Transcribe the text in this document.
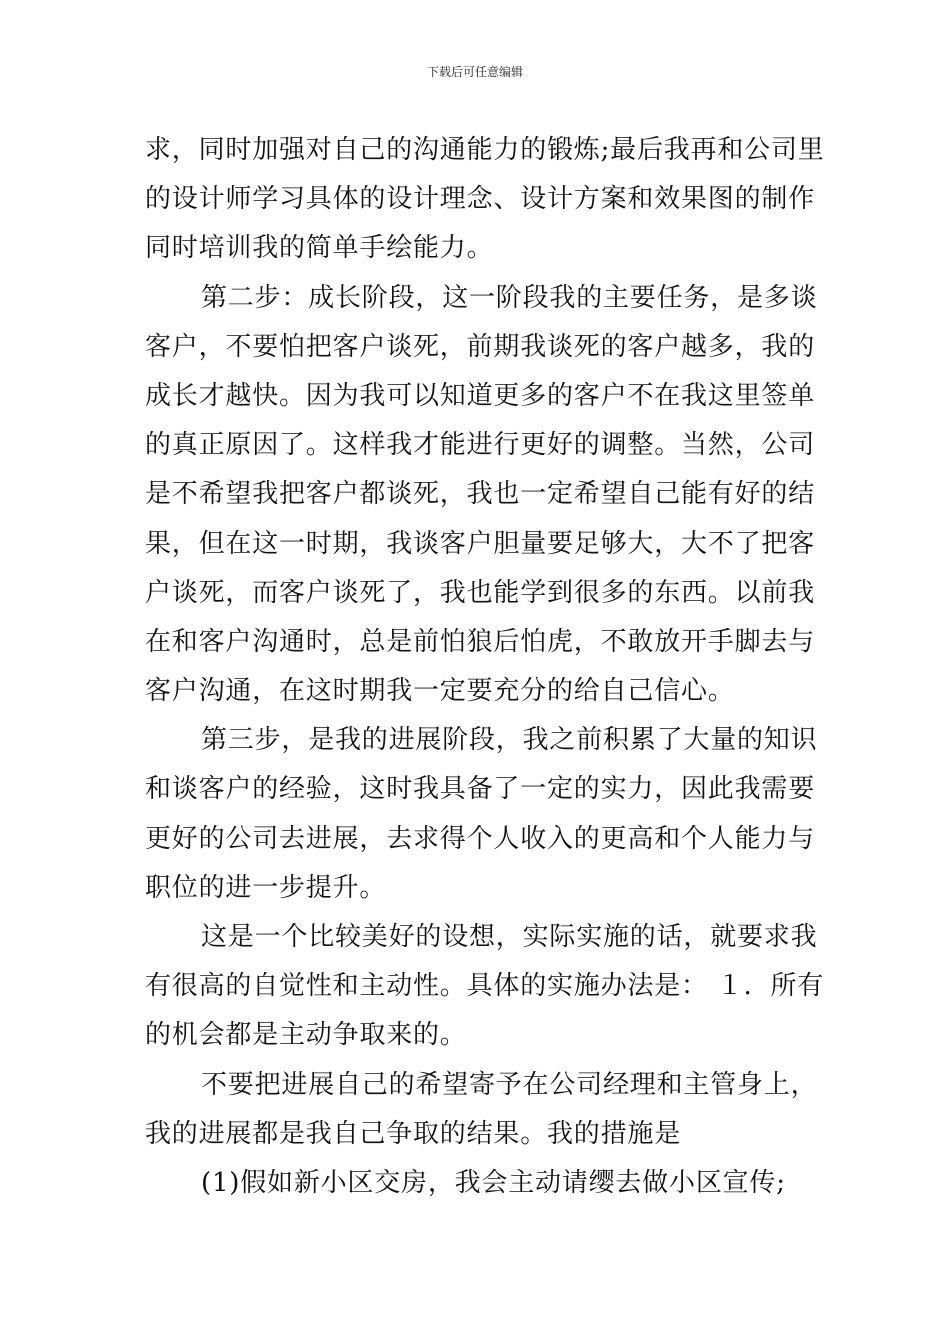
下载后可任意编辑
求，同时加强对自己的沟通能力的锻炼;最后我再和公司里
的设计师学习具体的设计理念、设计方案和效果图的制作
同时培训我的简单手绘能力。
第二步：成长阶段，这一阶段我的主要任务，是多谈
客户，不要怕把客户谈死，前期我谈死的客户越多，我的
成长才越快。因为我可以知道更多的客户不在我这里签单
的真正原因了。这样我才能进行更好的调整。当然，公司
是不希望我把客户都谈死，我也一定希望自己能有好的结
果，但在这一时期，我谈客户胆量要足够大，大不了把客
户谈死，而客户谈死了，我也能学到很多的东西。以前我
在和客户沟通时，总是前怕狼后怕虎，不敢放开手脚去与
客户沟通，在这时期我一定要充分的给自己信心。
第三步，是我的进展阶段，我之前积累了大量的知识
和谈客户的经验，这时我具备了一定的实力，因此我需要
更好的公司去进展，去求得个人收入的更高和个人能力与
职位的进一步提升。
这是一个比较美好的设想，实际实施的话，就要求我
有很高的自觉性和主动性。具体的实施办法是： １．所有
的机会都是主动争取来的。
不要把进展自己的希望寄予在公司经理和主管身上，
我的进展都是我自己争取的结果。我的措施是
(1)假如新小区交房，我会主动请缨去做小区宣传;
